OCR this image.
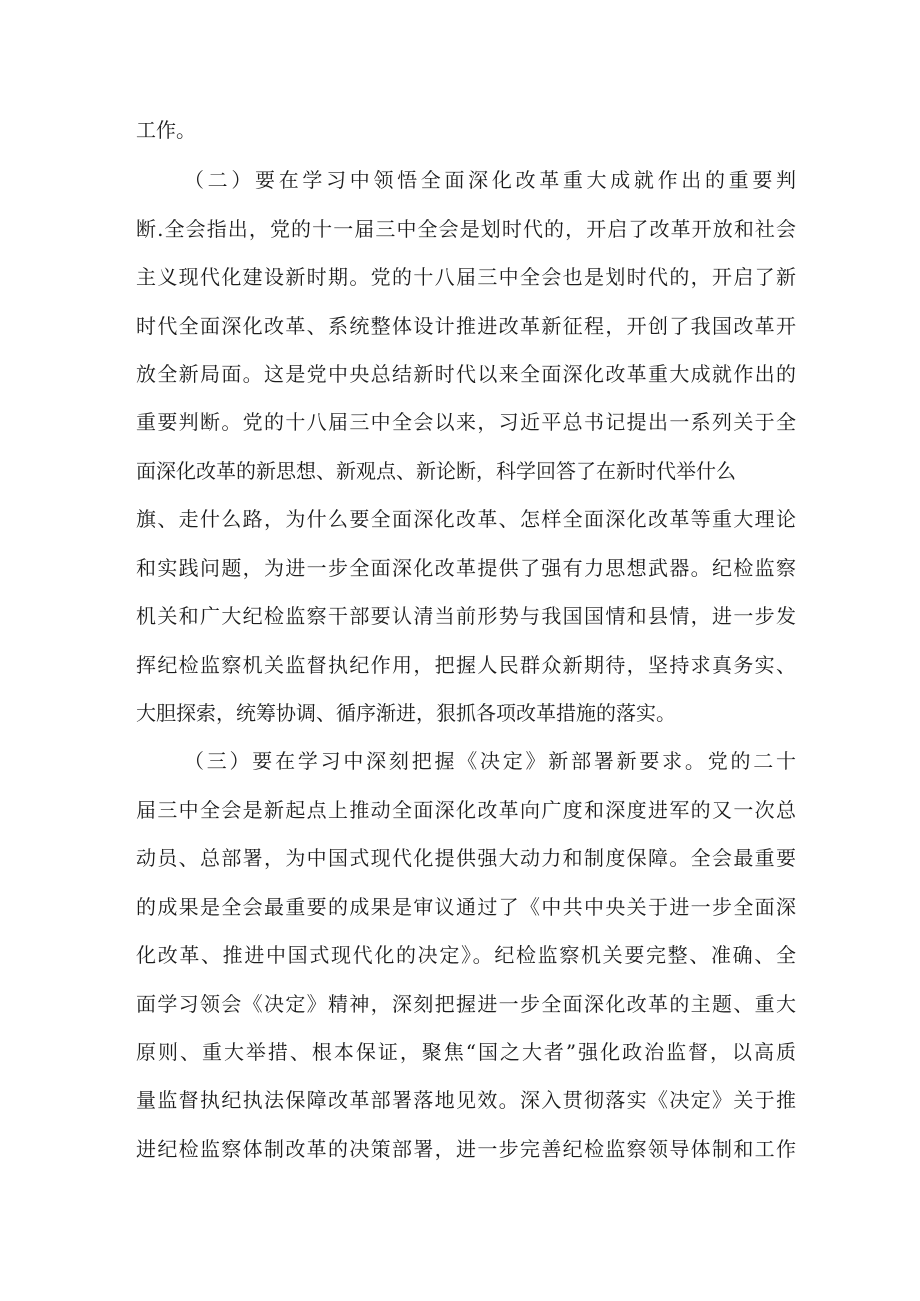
工作。
（二）要在学习中领悟全面深化改革重大成就作出的重要判
断.全会指出，党的十一届三中全会是划时代的，开启了改革开放和社会
主义现代化建设新时期。党的十八届三中全会也是划时代的，开启了新
时代全面深化改革、系统整体设计推进改革新征程，开创了我国改革开
放全新局面。这是党中央总结新时代以来全面深化改革重大成就作出的
重要判断。党的十八届三中全会以来，习近平总书记提出一系列关于全
面深化改革的新思想、新观点、新论断，科学回答了在新时代举什么
旗、走什么路，为什么要全面深化改革、怎样全面深化改革等重大理论
和实践问题，为进一步全面深化改革提供了强有力思想武器。纪检监察
机关和广大纪检监察干部要认清当前形势与我国国情和县情，进一步发
挥纪检监察机关监督执纪作用，把握人民群众新期待，坚持求真务实、
大胆探索，统筹协调、循序渐进，狠抓各项改革措施的落实。
（三）要在学习中深刻把握《决定》新部署新要求。党的二十
届三中全会是新起点上推动全面深化改革向广度和深度进军的又一次总
动员、总部署，为中国式现代化提供强大动力和制度保障。全会最重要
的成果是全会最重要的成果是审议通过了《中共中央关于进一步全面深
化改革、推进中国式现代化的决定》。纪检监察机关要完整、准确、全
面学习领会《决定》精神，深刻把握进一步全面深化改革的主题、重大
原则、重大举措、根本保证，聚焦“国之大者”强化政治监督，以高质
量监督执纪执法保障改革部署落地见效。深入贯彻落实《决定》关于推
进纪检监察体制改革的决策部署，进一步完善纪检监察领导体制和工作
